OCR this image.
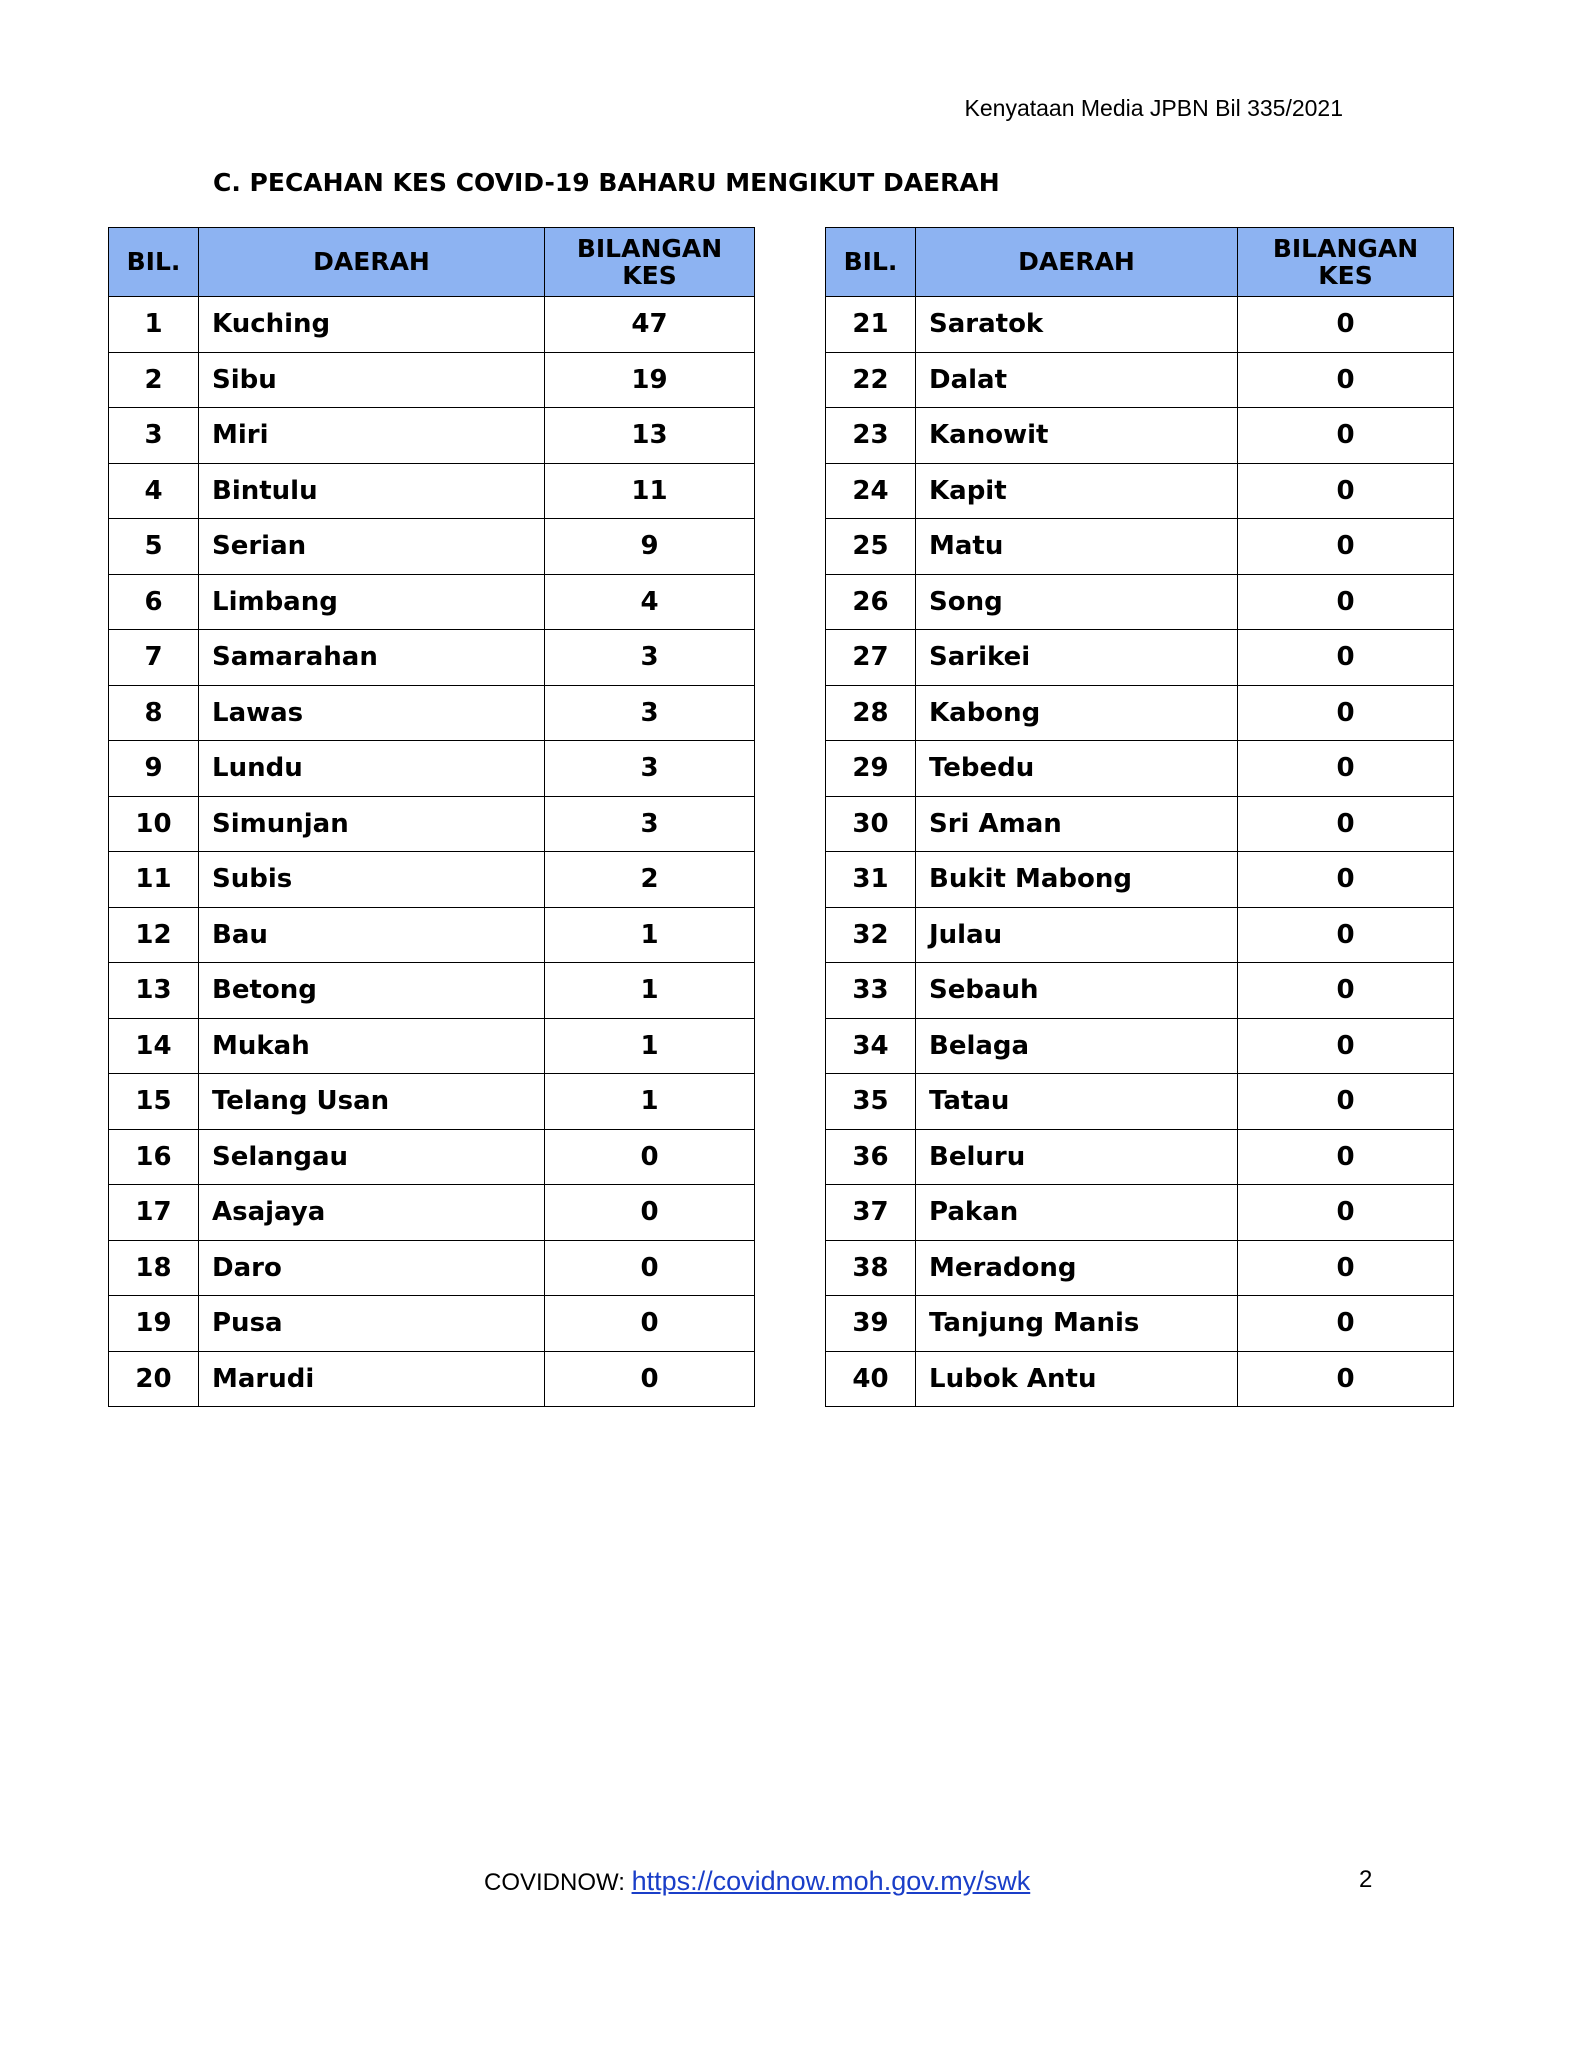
Kenyataan Media JPBN Bil 335/2021
C. PECAHAN KES COVID-19 BAHARU MENGIKUT DAERAH
BIL.	DAERAH	BILANGAN KES
1	Kuching	47
2	Sibu	19
3	Miri	13
4	Bintulu	11
5	Serian	9
6	Limbang	4
7	Samarahan	3
8	Lawas	3
9	Lundu	3
10	Simunjan	3
11	Subis	2
12	Bau	1
13	Betong	1
14	Mukah	1
15	Telang Usan	1
16	Selangau	0
17	Asajaya	0
18	Daro	0
19	Pusa	0
20	Marudi	0
BIL.	DAERAH	BILANGAN KES
21	Saratok	0
22	Dalat	0
23	Kanowit	0
24	Kapit	0
25	Matu	0
26	Song	0
27	Sarikei	0
28	Kabong	0
29	Tebedu	0
30	Sri Aman	0
31	Bukit Mabong	0
32	Julau	0
33	Sebauh	0
34	Belaga	0
35	Tatau	0
36	Beluru	0
37	Pakan	0
38	Meradong	0
39	Tanjung Manis	0
40	Lubok Antu	0
COVIDNOW: https://covidnow.moh.gov.my/swk	2
